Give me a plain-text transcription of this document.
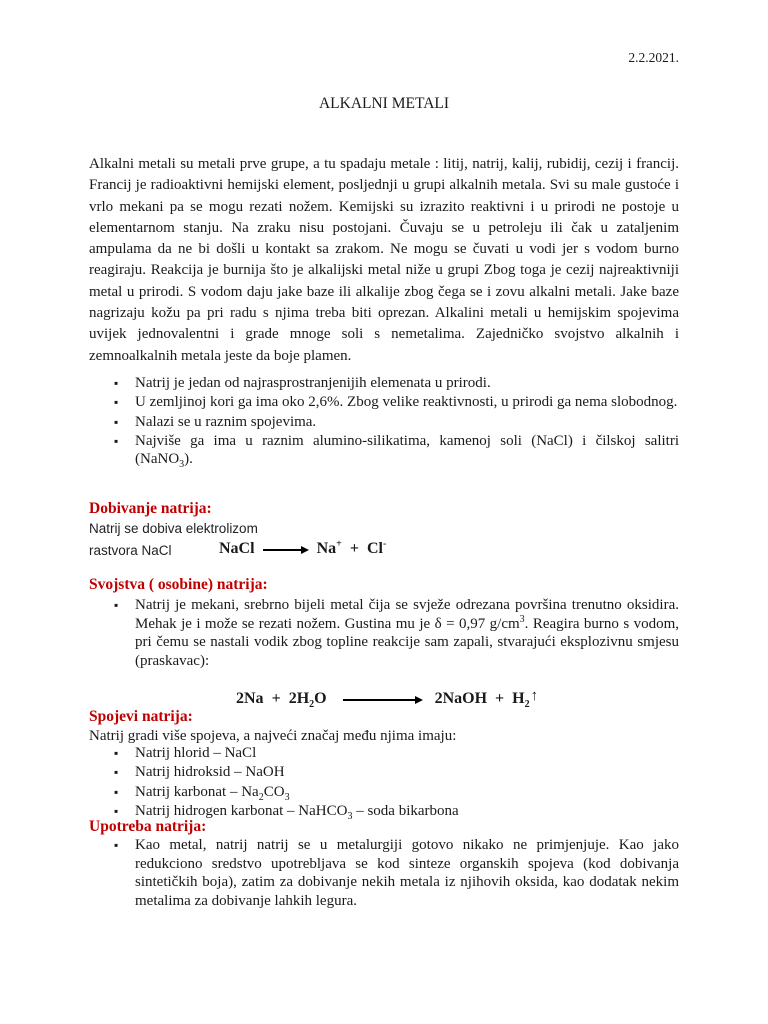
2.2.2021.
ALKALNI METALI
Alkalni metali su metali prve grupe, a tu spadaju metale : litij, natrij, kalij, rubidij, cezij i francij. Francij je radioaktivni hemijski element, posljednji u grupi alkalnih metala. Svi su male gustoće i vrlo mekani pa se mogu rezati nožem. Kemijski su izrazito reaktivni i u prirodi ne postoje u elementarnom stanju. Na zraku nisu postojani. Čuvaju se u petroleju ili čak u zataljenim ampulama da ne bi došli u kontakt sa zrakom. Ne mogu se čuvati u vodi jer s vodom burno reagiraju. Reakcija je burnija što je alkalijski metal niže u grupi Zbog toga je cezij najreaktivniji metal u prirodi. S vodom daju jake baze ili alkalije zbog čega se i zovu alkalni metali. Jake baze nagrizaju kožu pa pri radu s njima treba biti oprezan. Alkalini metali u hemijskim spojevima uvijek jednovalentni i grade mnoge soli s nemetalima. Zajedničko svojstvo alkalnih i zemnoalkalnih metala jeste da boje plamen.
▪ Natrij je jedan od najrasprostranjenijih elemenata u prirodi.
▪ U zemljinoj kori ga ima oko 2,6%. Zbog velike reaktivnosti, u prirodi ga nema slobodnog.
▪ Nalazi se u raznim spojevima.
▪ Najviše ga ima u raznim alumino-silikatima, kamenoj soli (NaCl) i čilskoj salitri (NaNO$_3$).
Dobivanje natrija:
Natrij se dobiva elektrolizom
rastvora NaCl	NaCl	Na+ + Cl-
Svojstva ( osobine) natrija:
▪ Natrij je mekani, srebrno bijeli metal čija se svježe odrezana površina trenutno oksidira. Mehak je i može se rezati nožem. Gustina mu je δ = 0,97 $g/cm^3$. Reagira burno s vodom, pri čemu se nastali vodik zbog topline reakcije sam zapali, stvarajući eksplozivnu smjesu (praskavac):
$2Na + 2H_2O$	2NaOH + $H_2↑$
Spojevi natrija:
Natrij gradi više spojeva, a najveći značaj među njima imaju:
▪ Natrij hlorid – NaCl
▪ Natrij hidroksid – NaOH
▪ Natrij karbonat – $Na_2CO_3$
▪ Natrij hidrogen karbonat – NaHCO$_3$ – soda bikarbona
Upotreba natrija:
▪ Kao metal, natrij natrij se u metalurgiji gotovo nikako ne primjenjuje. Kao jako redukciono sredstvo upotrebljava se kod sinteze organskih spojeva (kod dobivanja sintetičkih boja), zatim za dobivanje nekih metala iz njihovih oksida, kao dodatak nekim metalima za dobivanje lahkih legura.
